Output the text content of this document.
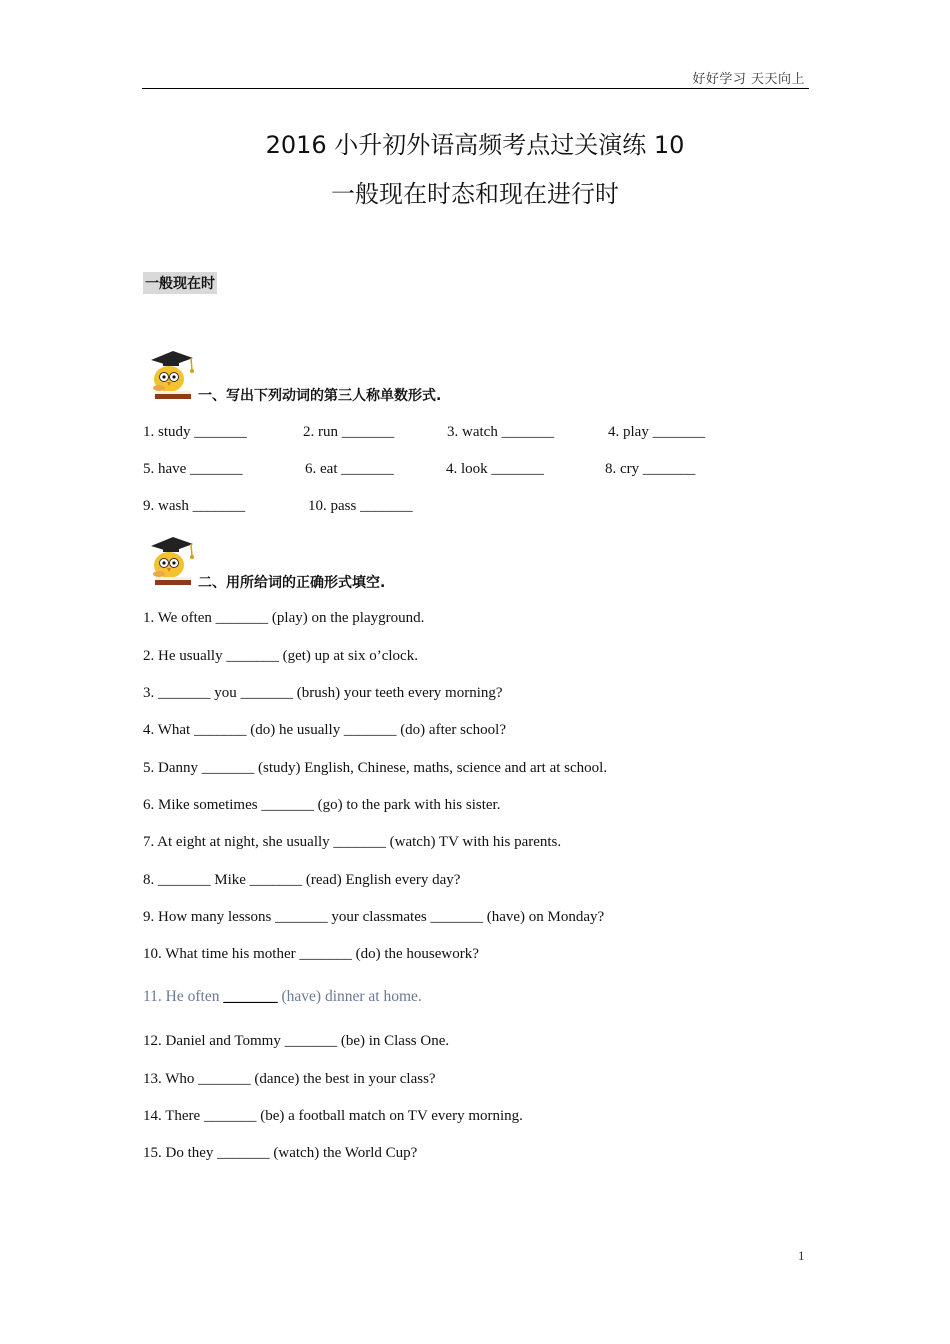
好好学习 天天向上
2016 小升初外语高频考点过关演练 10
一般现在时态和现在进行时
一般现在时
一、写出下列动词的第三人称单数形式.
1. study _______	2. run _______	3. watch _______	4. play _______
5. have _______	6. eat _______	4. look _______	8. cry _______
9. wash _______	10. pass _______
二、用所给词的正确形式填空.
1. We often _______ (play) on the playground.
2. He usually _______ (get) up at six o’clock.
3. _______ you _______ (brush) your teeth every morning?
4. What _______ (do) he usually _______ (do) after school?
5. Danny _______ (study) English, Chinese, maths, science and art at school.
6. Mike sometimes _______ (go) to the park with his sister.
7. At eight at night, she usually _______ (watch) TV with his parents.
8. _______ Mike _______ (read) English every day?
9. How many lessons _______ your classmates _______ (have) on Monday?
10. What time his mother _______ (do) the housework?
11. He often _______ (have) dinner at home.
12. Daniel and Tommy _______ (be) in Class One.
13. Who _______ (dance) the best in your class?
14. There _______ (be) a football match on TV every morning.
15. Do they _______ (watch) the World Cup?
1
